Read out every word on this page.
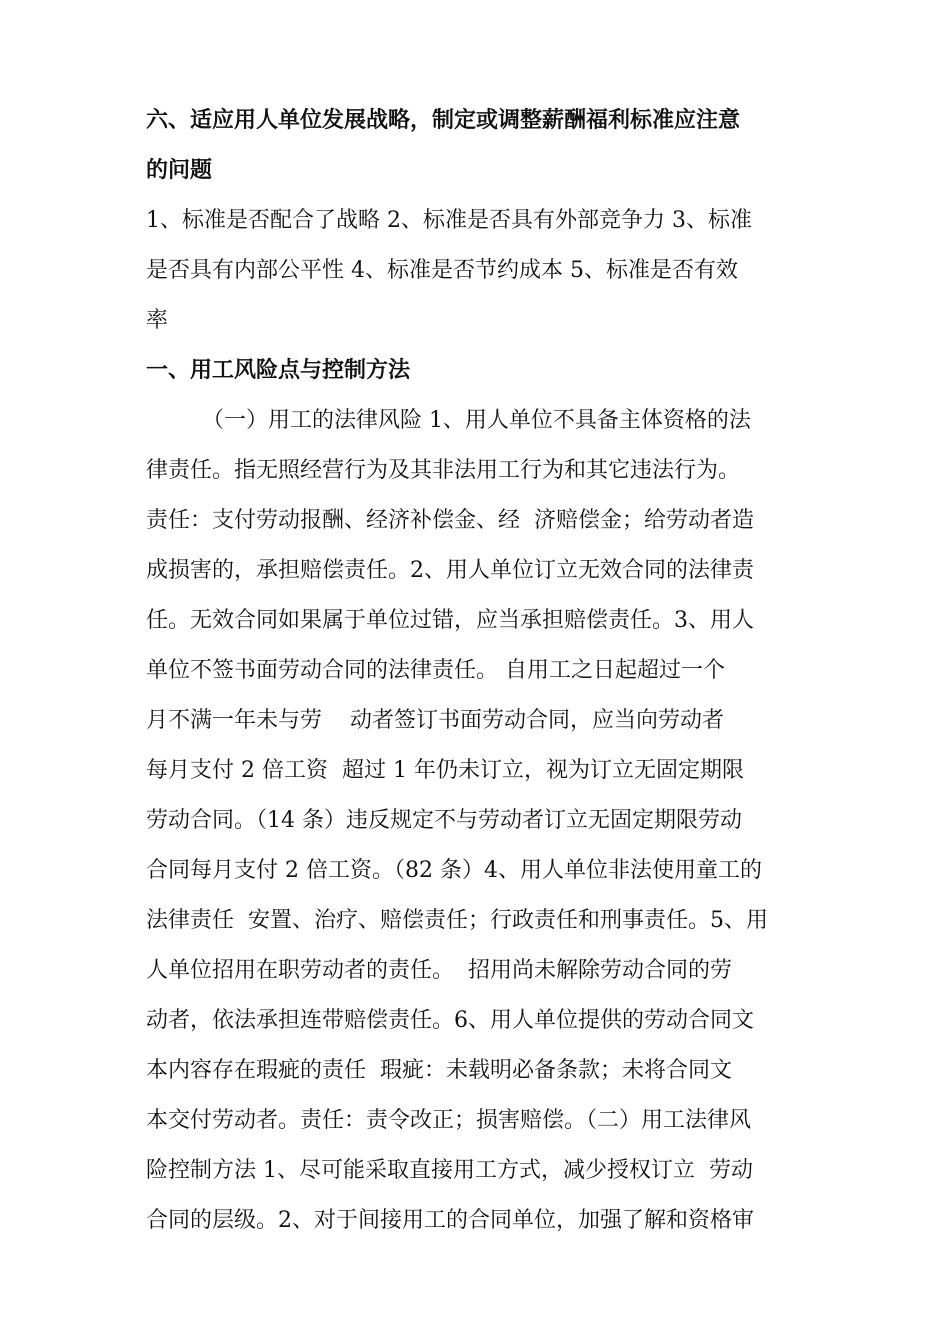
六、适应用人单位发展战略，制定或调整薪酬福利标准应注意
的问题
1、标准是否配合了战略 2、标准是否具有外部竞争力 3、标准
是否具有内部公平性 4、标准是否节约成本 5、标准是否有效
率
一、用工风险点与控制方法
（一）用工的法律风险 1、用人单位不具备主体资格的法
律责任。指无照经营行为及其非法用工行为和其它违法行为。
责任：支付劳动报酬、经济补偿金、经  济赔偿金；给劳动者造
成损害的，承担赔偿责任。2、用人单位订立无效合同的法律责
任。无效合同如果属于单位过错，应当承担赔偿责任。3、用人
单位不签书面劳动合同的法律责任。 自用工之日起超过一个
月不满一年未与劳    动者签订书面劳动合同，应当向劳动者
每月支付 2 倍工资  超过 1 年仍未订立，视为订立无固定期限
劳动合同。（14 条）违反规定不与劳动者订立无固定期限劳动
合同每月支付 2 倍工资。（82 条）4、用人单位非法使用童工的
法律责任  安置、治疗、赔偿责任；行政责任和刑事责任。5、用
人单位招用在职劳动者的责任。  招用尚未解除劳动合同的劳
动者，依法承担连带赔偿责任。6、用人单位提供的劳动合同文
本内容存在瑕疵的责任  瑕疵：未载明必备条款；未将合同文
本交付劳动者。责任：责令改正；损害赔偿。（二）用工法律风
险控制方法 1、尽可能采取直接用工方式，减少授权订立  劳动
合同的层级。2、对于间接用工的合同单位，加强了解和资格审
